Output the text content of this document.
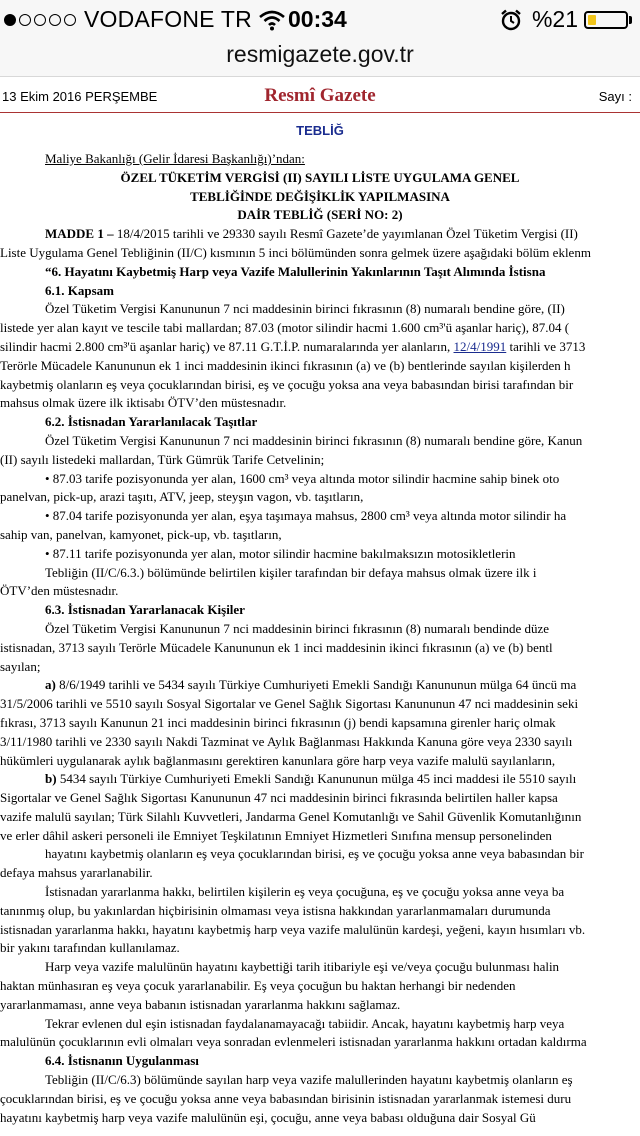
VODAFONE TR 00:34	%21
resmigazete.gov.tr
13 Ekim 2016 PERŞEMBE	Resmî Gazete	Sayı :
TEBLİĞ

Maliye Bakanlığı (Gelir İdaresi Başkanlığı)’ndan:

ÖZEL TÜKETİM VERGİSİ (II) SAYILI LİSTE UYGULAMA GENEL

TEBLİĞİNDE DEĞİŞİKLİK YAPILMASINA

DAİR TEBLİĞ (SERİ NO: 2)

MADDE 1 – 18/4/2015 tarihli ve 29330 sayılı Resmî Gazete’de yayımlanan Özel Tüketim Vergisi (II)

Liste Uygulama Genel Tebliğinin (II/C) kısmının 5 inci bölümünden sonra gelmek üzere aşağıdaki bölüm eklenm

“6. Hayatını Kaybetmiş Harp veya Vazife Malullerinin Yakınlarının Taşıt Alımında İstisna

6.1. Kapsam

Özel Tüketim Vergisi Kanununun 7 nci maddesinin birinci fıkrasının (8) numaralı bendine göre, (II)

listede yer alan kayıt ve tescile tabi mallardan; 87.03 (motor silindir hacmi 1.600 cm³'ü aşanlar hariç), 87.04 (

silindir hacmi 2.800 cm³'ü aşanlar hariç) ve 87.11 G.T.İ.P. numaralarında yer alanların, 12/4/1991 tarihli ve 3713

Terörle Mücadele Kanununun ek 1 inci maddesinin ikinci fıkrasının (a) ve (b) bentlerinde sayılan kişilerden h

kaybetmiş olanların eş veya çocuklarından birisi, eş ve çocuğu yoksa ana veya babasından birisi tarafından bir

mahsus olmak üzere ilk iktisabı ÖTV’den müstesnadır.

6.2. İstisnadan Yararlanılacak Taşıtlar

Özel Tüketim Vergisi Kanununun 7 nci maddesinin birinci fıkrasının (8) numaralı bendine göre, Kanun

(II) sayılı listedeki mallardan, Türk Gümrük Tarife Cetvelinin;

• 87.03 tarife pozisyonunda yer alan, 1600 cm³ veya altında motor silindir hacmine sahip binek oto

panelvan, pick-up, arazi taşıtı, ATV, jeep, steyşın vagon, vb. taşıtların,

• 87.04 tarife pozisyonunda yer alan, eşya taşımaya mahsus, 2800 cm³ veya altında motor silindir ha

sahip van, panelvan, kamyonet, pick-up, vb. taşıtların,

• 87.11 tarife pozisyonunda yer alan, motor silindir hacmine bakılmaksızın motosikletlerin

Tebliğin (II/C/6.3.) bölümünde belirtilen kişiler tarafından bir defaya mahsus olmak üzere ilk i

ÖTV’den müstesnadır.

6.3. İstisnadan Yararlanacak Kişiler

Özel Tüketim Vergisi Kanununun 7 nci maddesinin birinci fıkrasının (8) numaralı bendinde düze

istisnadan, 3713 sayılı Terörle Mücadele Kanununun ek 1 inci maddesinin ikinci fıkrasının (a) ve (b) bentl

sayılan;

a) 8/6/1949 tarihli ve 5434 sayılı Türkiye Cumhuriyeti Emekli Sandığı Kanununun mülga 64 üncü ma

31/5/2006 tarihli ve 5510 sayılı Sosyal Sigortalar ve Genel Sağlık Sigortası Kanununun 47 nci maddesinin seki

fıkrası, 3713 sayılı Kanunun 21 inci maddesinin birinci fıkrasının (j) bendi kapsamına girenler hariç olmak

3/11/1980 tarihli ve 2330 sayılı Nakdi Tazminat ve Aylık Bağlanması Hakkında Kanuna göre veya 2330 sayılı

hükümleri uygulanarak aylık bağlanmasını gerektiren kanunlara göre harp veya vazife malulü sayılanların,

b) 5434 sayılı Türkiye Cumhuriyeti Emekli Sandığı Kanununun mülga 45 inci maddesi ile 5510 sayılı

Sigortalar ve Genel Sağlık Sigortası Kanununun 47 nci maddesinin birinci fıkrasında belirtilen haller kapsa

vazife malulü sayılan; Türk Silahlı Kuvvetleri, Jandarma Genel Komutanlığı ve Sahil Güvenlik Komutanlığının

ve erler dâhil askeri personeli ile Emniyet Teşkilatının Emniyet Hizmetleri Sınıfına mensup personelinden

hayatını kaybetmiş olanların eş veya çocuklarından birisi, eş ve çocuğu yoksa anne veya babasından bir

defaya mahsus yararlanabilir.

İstisnadan yararlanma hakkı, belirtilen kişilerin eş veya çocuğuna, eş ve çocuğu yoksa anne veya ba

tanınmış olup, bu yakınlardan hiçbirisinin olmaması veya istisna hakkından yararlanmamaları durumunda

istisnadan yararlanma hakkı, hayatını kaybetmiş harp veya vazife malulünün kardeşi, yeğeni, kayın hısımları vb.

bir yakını tarafından kullanılamaz.

Harp veya vazife malulünün hayatını kaybettiği tarih itibariyle eşi ve/veya çocuğu bulunması halin

haktan münhasıran eş veya çocuk yararlanabilir. Eş veya çocuğun bu haktan herhangi bir nedenden

yararlanmaması, anne veya babanın istisnadan yararlanma hakkını sağlamaz.

Tekrar evlenen dul eşin istisnadan faydalanamayacağı tabiidir. Ancak, hayatını kaybetmiş harp veya

malulünün çocuklarının evli olmaları veya sonradan evlenmeleri istisnadan yararlanma hakkını ortadan kaldırma

6.4. İstisnanın Uygulanması

Tebliğin (II/C/6.3) bölümünde sayılan harp veya vazife malullerinden hayatını kaybetmiş olanların eş

çocuklarından birisi, eş ve çocuğu yoksa anne veya babasından birisinin istisnadan yararlanmak istemesi duru

hayatını kaybetmiş harp veya vazife malulünün eşi, çocuğu, anne veya babası olduğuna dair Sosyal Gü
